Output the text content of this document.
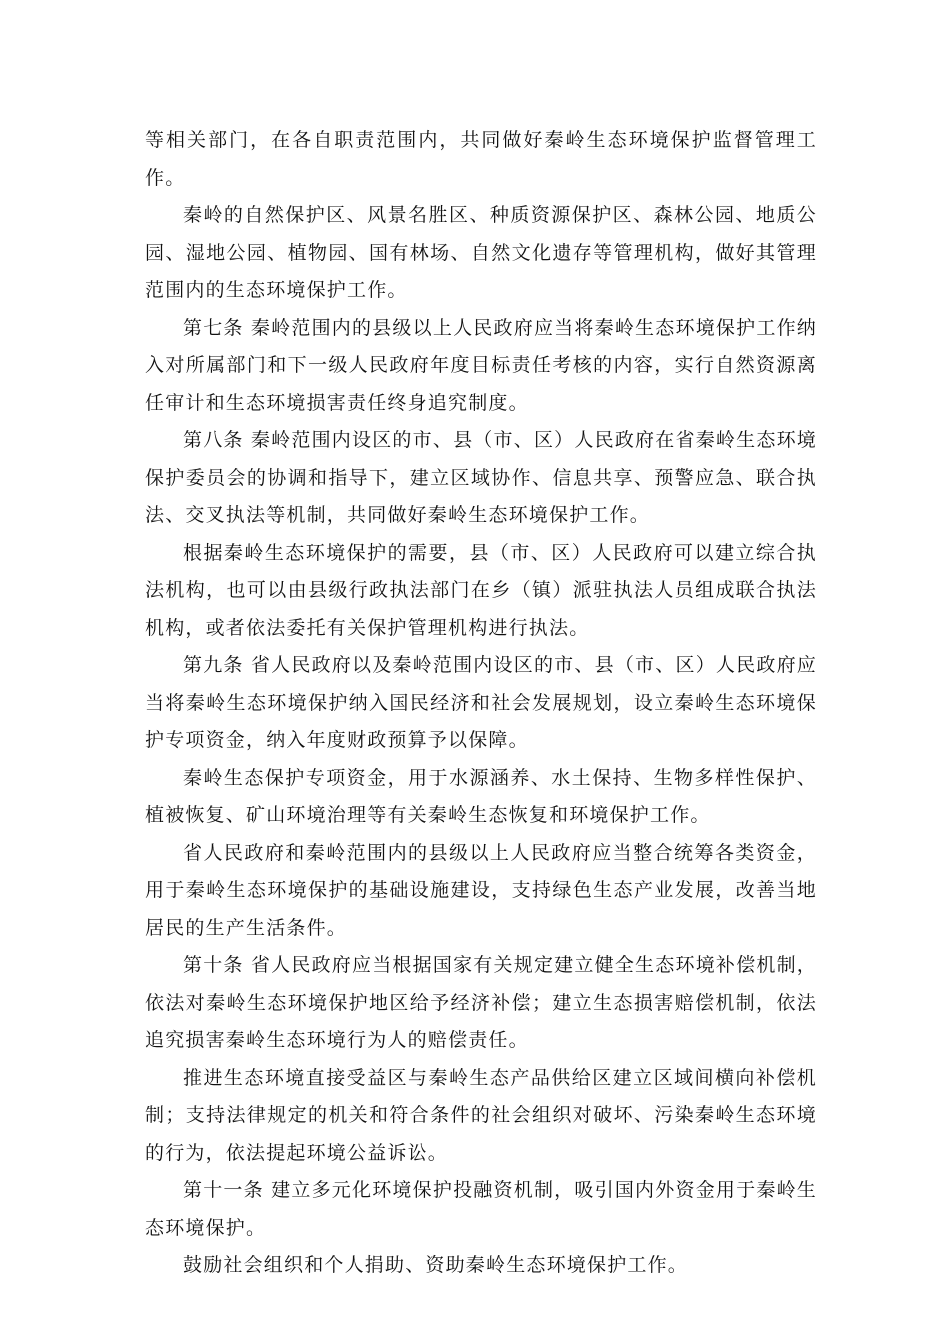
等相关部门，在各自职责范围内，共同做好秦岭生态环境保护监督管理工作。

秦岭的自然保护区、风景名胜区、种质资源保护区、森林公园、地质公园、湿地公园、植物园、国有林场、自然文化遗存等管理机构，做好其管理范围内的生态环境保护工作。

第七条 秦岭范围内的县级以上人民政府应当将秦岭生态环境保护工作纳入对所属部门和下一级人民政府年度目标责任考核的内容，实行自然资源离任审计和生态环境损害责任终身追究制度。

第八条 秦岭范围内设区的市、县（市、区）人民政府在省秦岭生态环境保护委员会的协调和指导下，建立区域协作、信息共享、预警应急、联合执法、交叉执法等机制，共同做好秦岭生态环境保护工作。

根据秦岭生态环境保护的需要，县（市、区）人民政府可以建立综合执法机构，也可以由县级行政执法部门在乡（镇）派驻执法人员组成联合执法机构，或者依法委托有关保护管理机构进行执法。

第九条 省人民政府以及秦岭范围内设区的市、县（市、区）人民政府应当将秦岭生态环境保护纳入国民经济和社会发展规划，设立秦岭生态环境保护专项资金，纳入年度财政预算予以保障。

秦岭生态保护专项资金，用于水源涵养、水土保持、生物多样性保护、植被恢复、矿山环境治理等有关秦岭生态恢复和环境保护工作。

省人民政府和秦岭范围内的县级以上人民政府应当整合统筹各类资金，用于秦岭生态环境保护的基础设施建设，支持绿色生态产业发展，改善当地居民的生产生活条件。

第十条 省人民政府应当根据国家有关规定建立健全生态环境补偿机制，依法对秦岭生态环境保护地区给予经济补偿；建立生态损害赔偿机制，依法追究损害秦岭生态环境行为人的赔偿责任。

推进生态环境直接受益区与秦岭生态产品供给区建立区域间横向补偿机制；支持法律规定的机关和符合条件的社会组织对破坏、污染秦岭生态环境的行为，依法提起环境公益诉讼。

第十一条 建立多元化环境保护投融资机制，吸引国内外资金用于秦岭生态环境保护。

鼓励社会组织和个人捐助、资助秦岭生态环境保护工作。
